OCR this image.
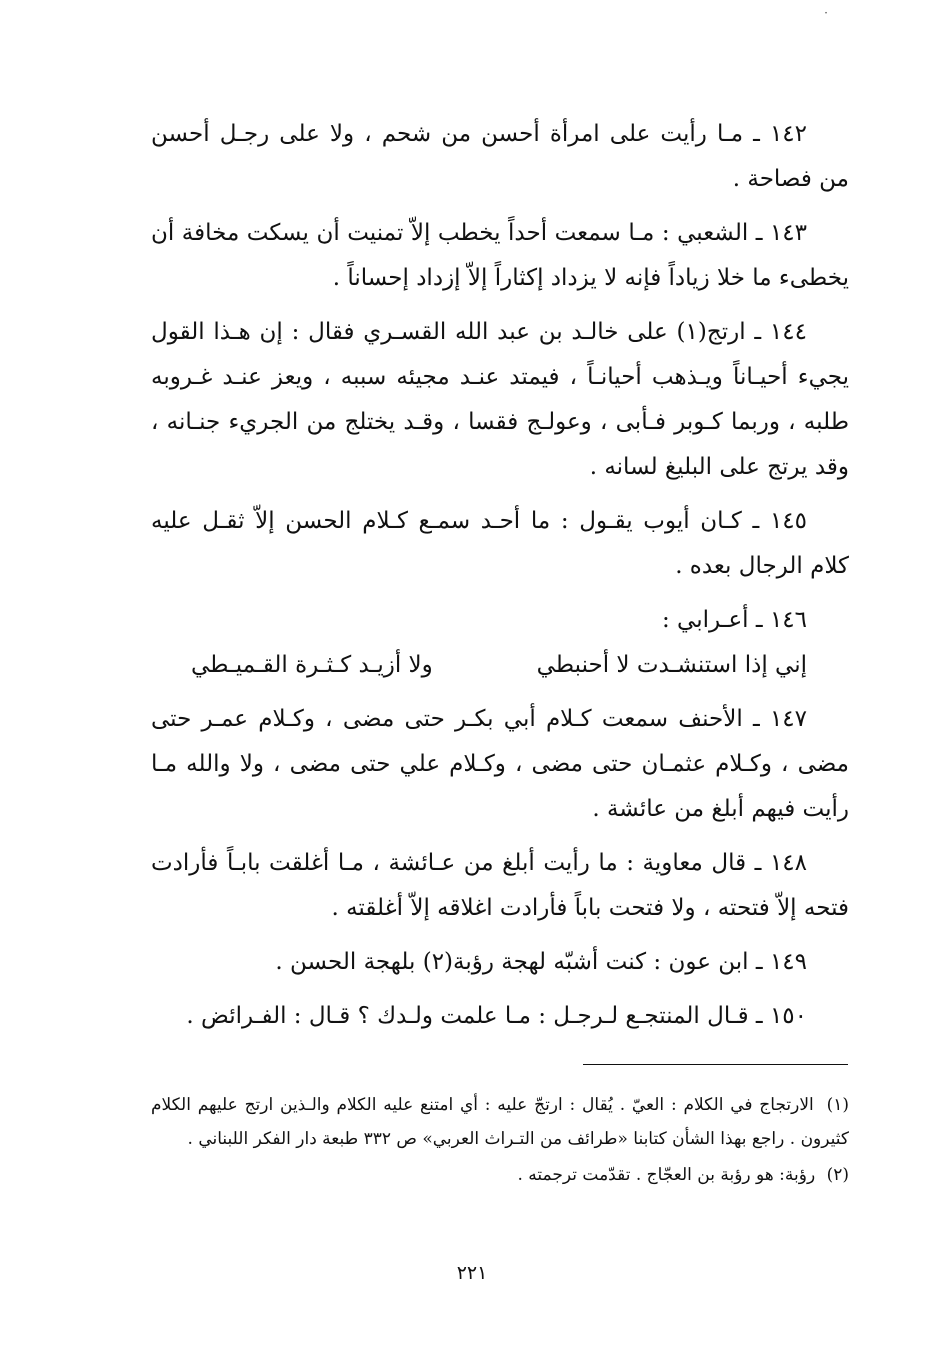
·

١٤٢ ـ مـا رأيت على امرأة أحسن من شحم ، ولا على رجـل أحسن من فصاحة .

١٤٣ ـ الشعبي : مـا سمعت أحداً يخطب إلاّ تمنيت أن يسكت مخافة أن يخطىء ما خلا زياداً فإنه لا يزداد إكثاراً إلاّ إزداد إحساناً .

١٤٤ ـ ارتج(١) على خالـد بن عبد الله القسـري فقال : إن هـذا القول يجيء أحيـاناً ويـذهب أحيانـاً ، فيمتد عنـد مجيئه سببه ، ويعز عنـد غـروبه طلبه ، وربما كـوبر فـأبى ، وعولـج فقسا ، وقـد يختلج من الجريء جنـانه ، وقد يرتج على البليغ لسانه .

١٤٥ ـ كـان أيوب يقـول : ما أحـد سمـع كـلام الحسن إلاّ ثقـل عليه كلام الرجال بعده .

١٤٦ ـ أعـرابي :

إني إذا استنشـدت لا أحنبطي
ولا أزيـد كـثـرة القـميـطي

١٤٧ ـ الأحنف سمعت كـلام أبي بكـر حتى مضى ، وكـلام عمـر حتى مضى ، وكـلام عثمـان حتى مضى ، وكـلام علي حتى مضى ، ولا والله مـا رأيت فيهم أبلغ من عائشة .

١٤٨ ـ قال معاوية : ما رأيت أبلغ من عـائشة ، مـا أغلقت بابـاً فأرادت فتحه إلاّ فتحته ، ولا فتحت باباً فأرادت اغلاقه إلاّ أغلقته .

١٤٩ ـ ابن عون : كنت أشبّه لهجة رؤبة(٢) بلهجة الحسن .

١٥٠ ـ قـال المنتجـع لـرجـل : مـا علمت ولـدك ؟ قـال : الفـرائض .

(١) الارتجاج في الكلام : العيّ . يُقال : ارتجّ عليه : أي امتنع عليه الكلام والـذين ارتج عليهم الكلام كثيرون . راجع بهذا الشأن كتابنا «طرائف من التـراث العربي» ص ٣٣٢ طبعة دار الفكر اللبناني .

(٢) رؤبة: هو رؤبة بن العجّاج . تقدّمت ترجمته .

٢٢١
